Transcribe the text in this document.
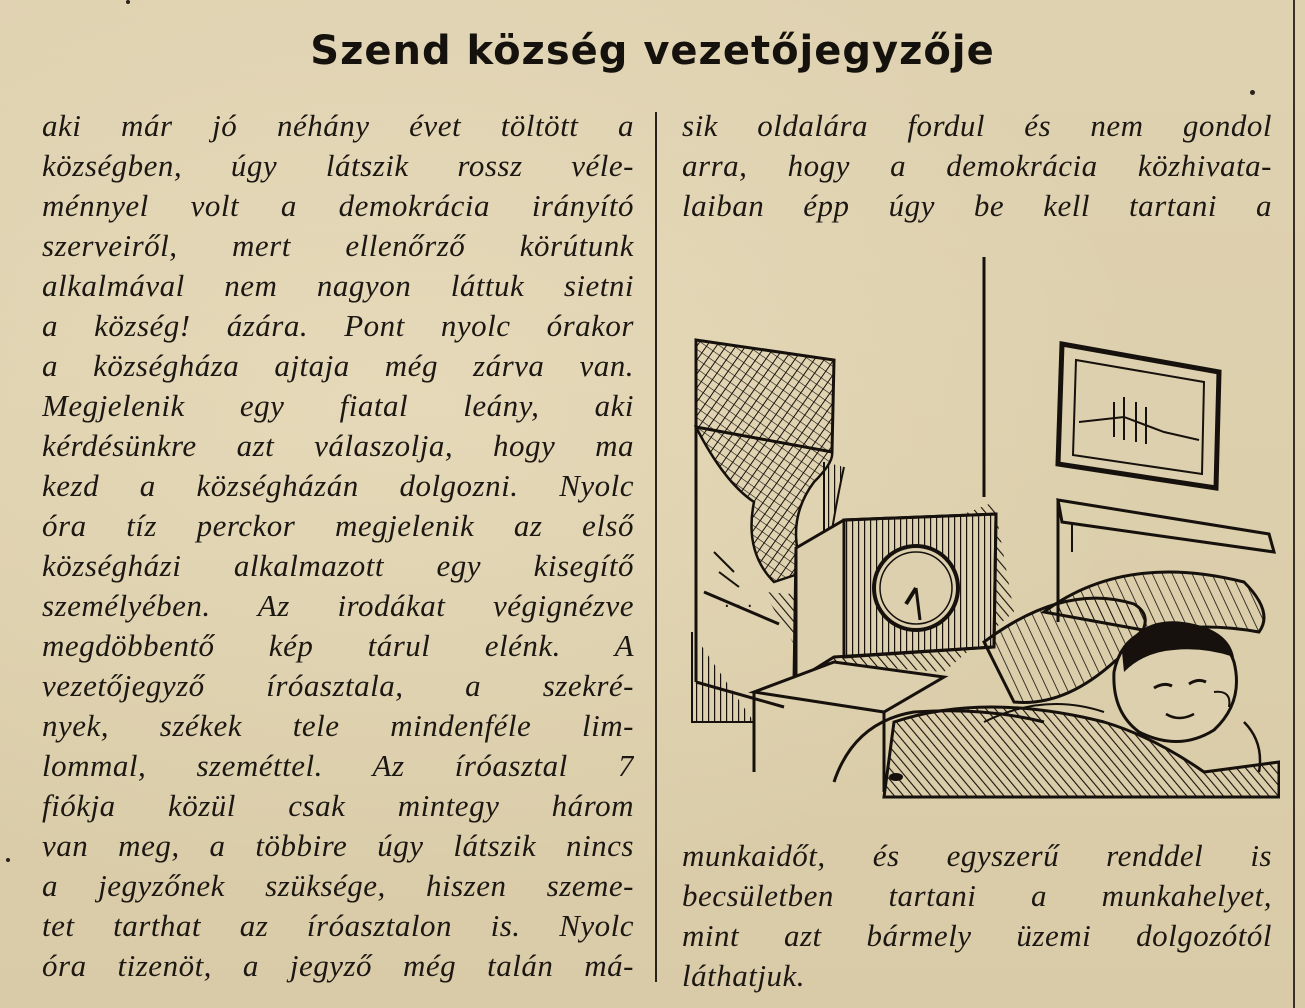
Szend község vezetőjegyzője
aki már jó néhány évet töltött a
községben, úgy látszik rossz véle-
ménnyel volt a demokrácia irányító
szerveiről, mert ellenőrző körútunk
alkalmával nem nagyon láttuk sietni
a község! ázára. Pont nyolc órakor
a községháza ajtaja még zárva van.
Megjelenik egy fiatal leány, aki
kérdésünkre azt válaszolja, hogy ma
kezd a községházán dolgozni. Nyolc
óra tíz perckor megjelenik az első
községházi alkalmazott egy kisegítő
személyében. Az irodákat végignézve
megdöbbentő kép tárul elénk. A
vezetőjegyző íróasztala, a szekré-
nyek, székek tele mindenféle lim-
lommal, szeméttel. Az íróasztal 7
fiókja közül csak mintegy három
van meg, a többire úgy látszik nincs
a jegyzőnek szüksége, hiszen szeme-
tet tarthat az íróasztalon is. Nyolc
óra tizenöt, a jegyző még talán má-
sik oldalára fordul és nem gondol
arra, hogy a demokrácia közhivata-
laiban épp úgy be kell tartani a
· · ·
munkaidőt, és egyszerű renddel is
becsületben tartani a munkahelyet,
mint azt bármely üzemi dolgozótól
láthatjuk.
